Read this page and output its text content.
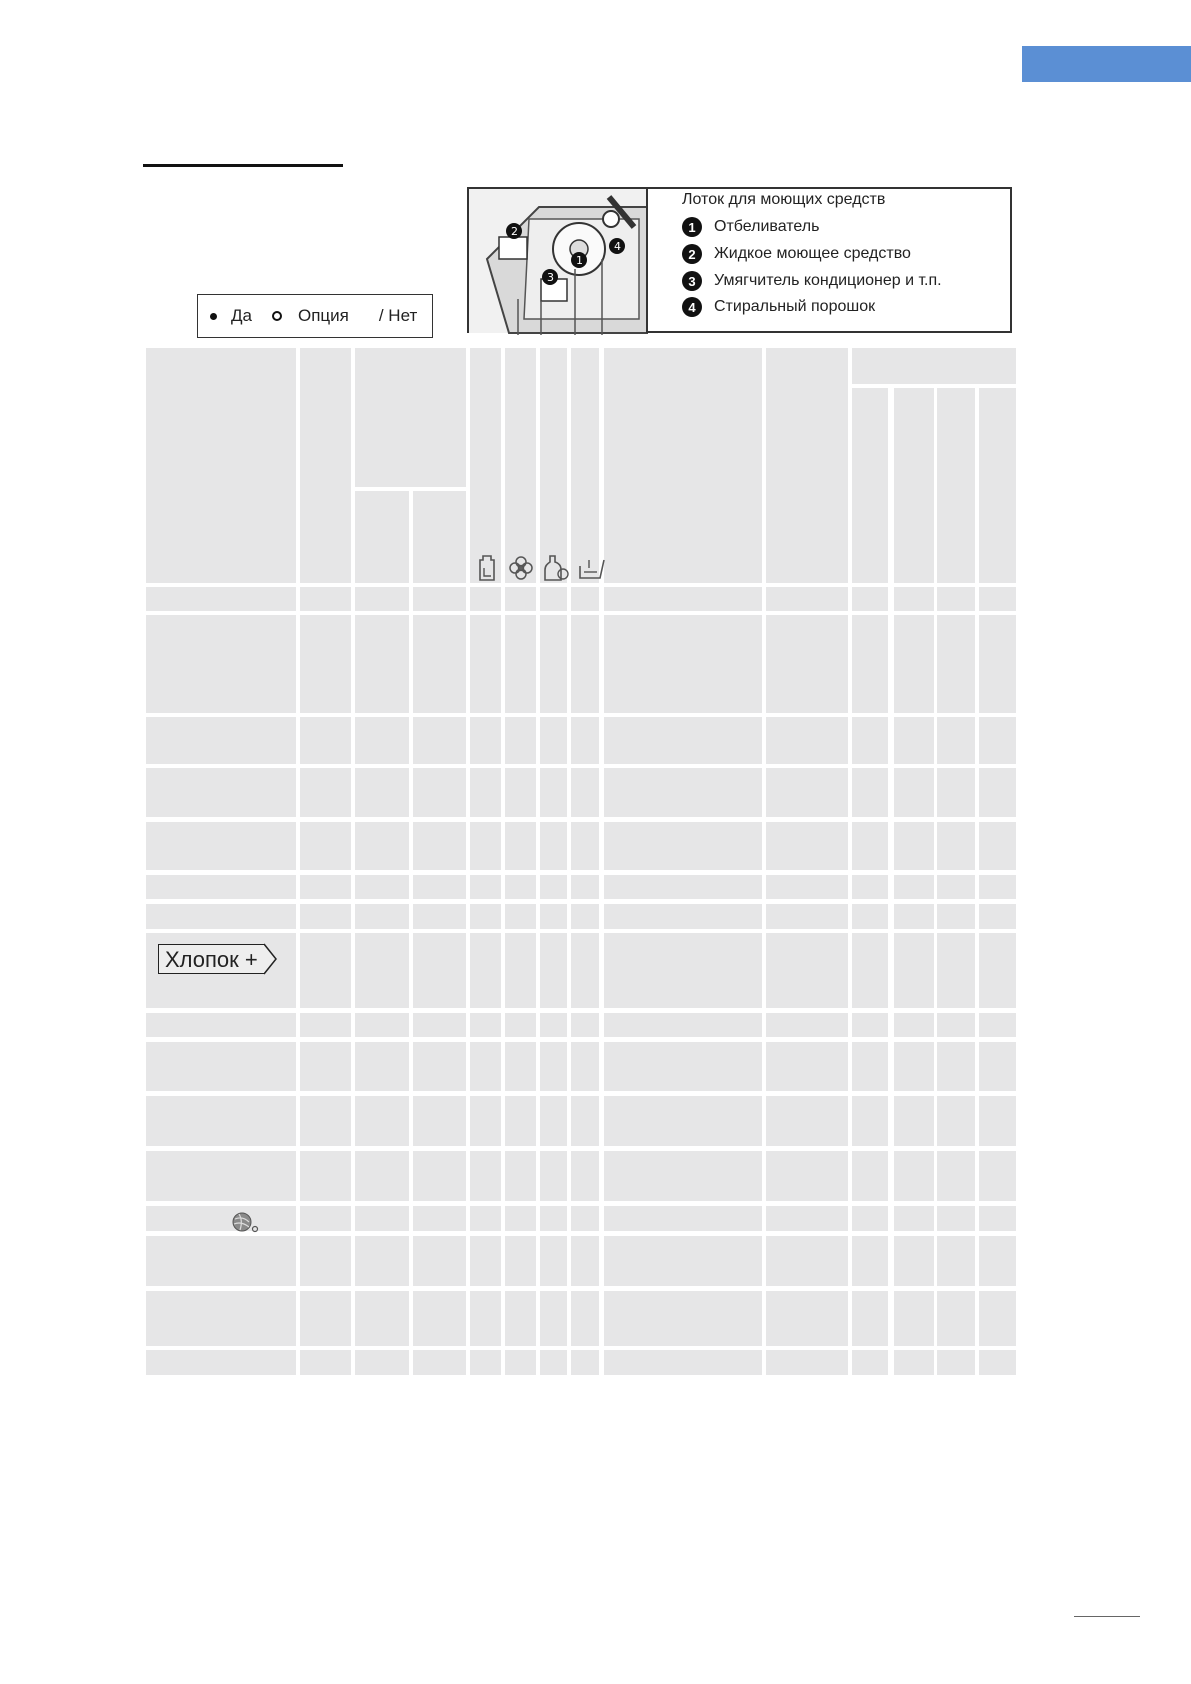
Да	Опция / Нет
2
3
1
4
Лоток для моющих средств
1	Отбеливатель
2	Жидкое моющее средство
3	Умягчитель кондиционер и т.п.
4	Стиральный порошок
Хлопок +
